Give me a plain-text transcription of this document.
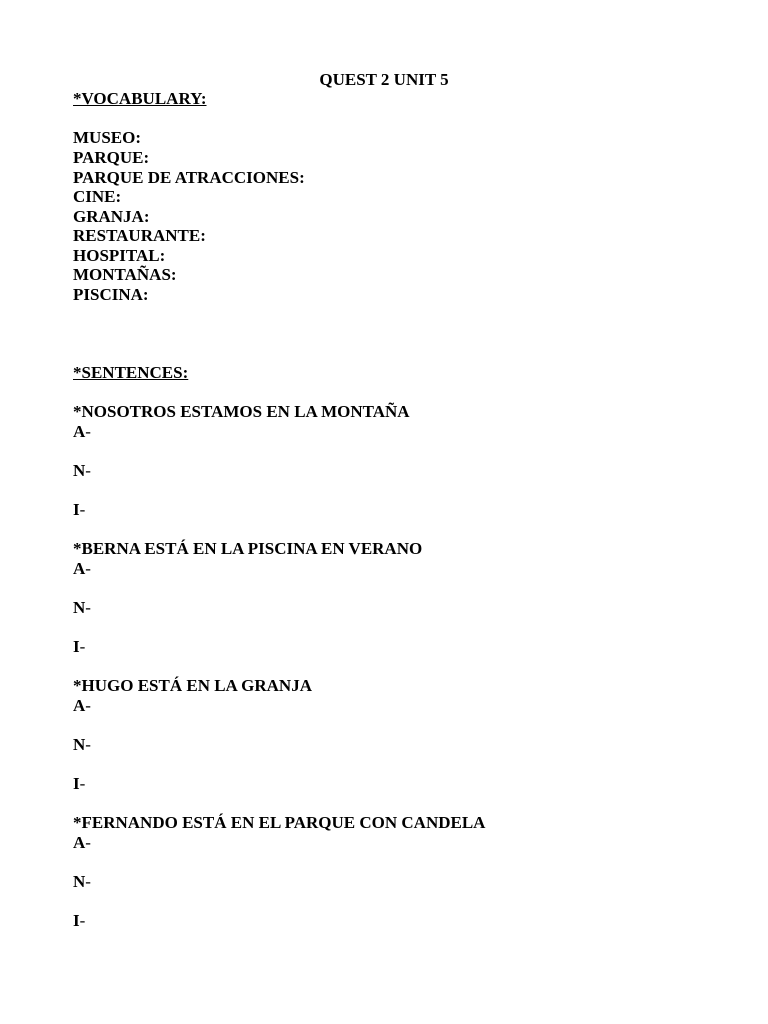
QUEST 2 UNIT 5
*VOCABULARY:
MUSEO:
PARQUE:
PARQUE DE ATRACCIONES:
CINE:
GRANJA:
RESTAURANTE:
HOSPITAL:
MONTAÑAS:
PISCINA:
*SENTENCES:
*NOSOTROS ESTAMOS EN LA MONTAÑA
A-
N-
I-
*BERNA ESTÁ EN LA PISCINA EN VERANO
A-
N-
I-
*HUGO ESTÁ EN LA GRANJA
A-
N-
I-
*FERNANDO ESTÁ EN EL PARQUE CON CANDELA
A-
N-
I-
